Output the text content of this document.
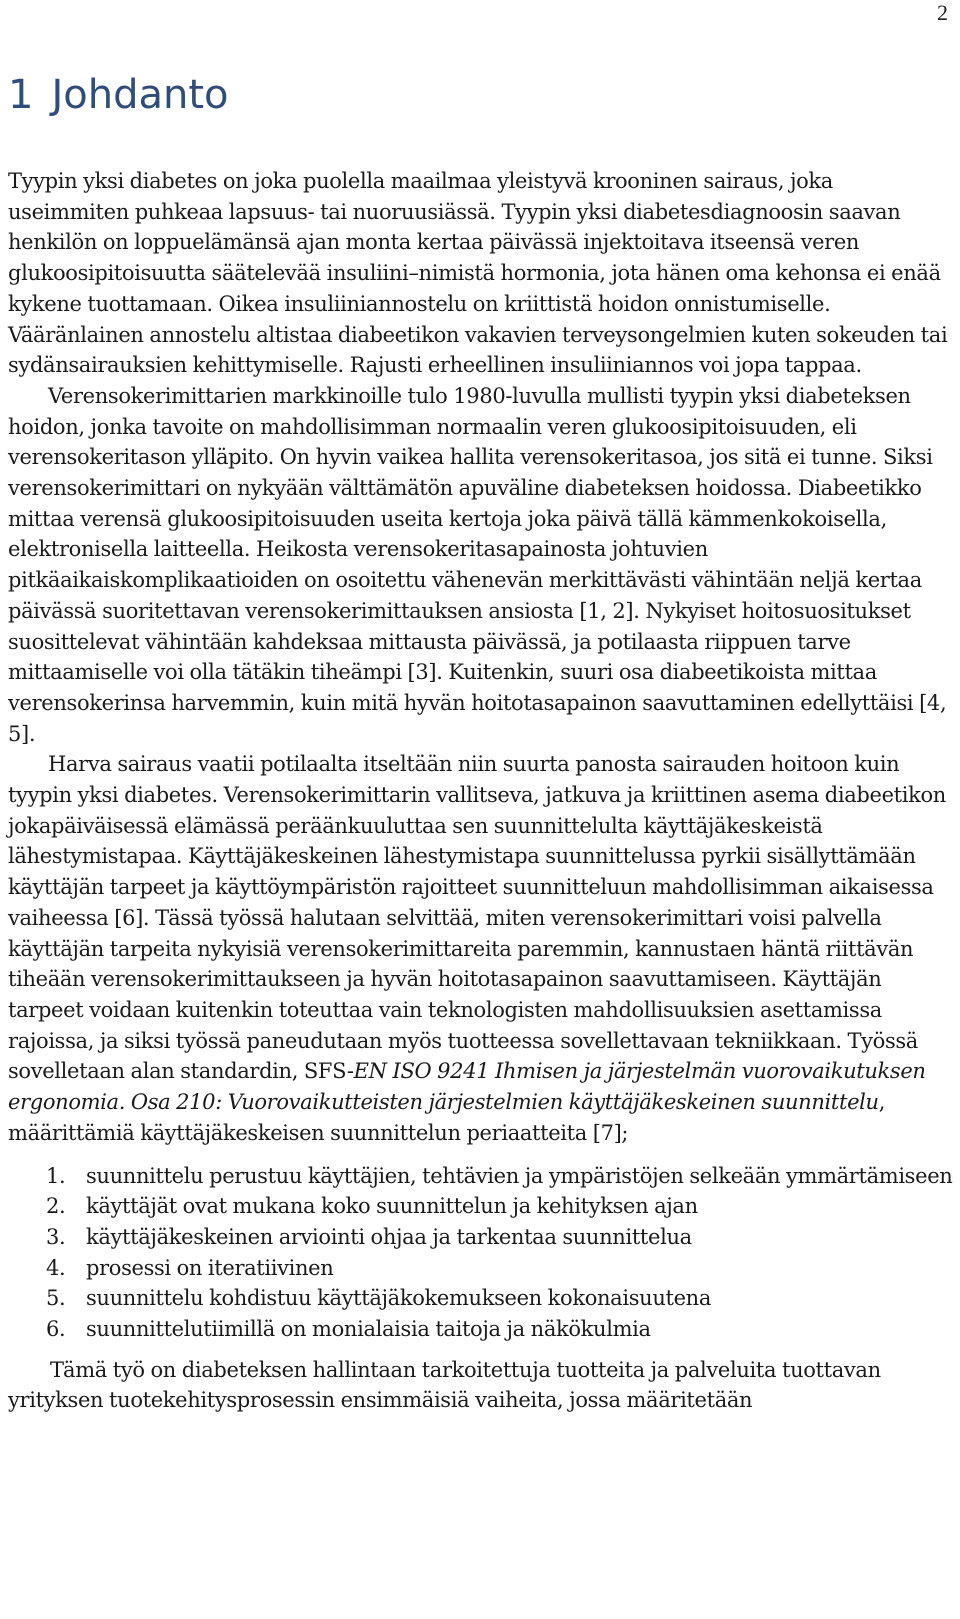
2
1 Johdanto

Tyypin yksi diabetes on joka puolella maailmaa yleistyvä krooninen sairaus, joka useimmiten puhkeaa lapsuus- tai nuoruusiässä. Tyypin yksi diabetesdiagnoosin saavan henkilön on loppuelämänsä ajan monta kertaa päivässä injektoitava itseensä veren glukoosipitoisuutta säätelevää insuliini–nimistä hormonia, jota hänen oma kehonsa ei enää kykene tuottamaan. Oikea insuliiniannostelu on kriittistä hoidon onnistumiselle. Vääränlainen annostelu altistaa diabeetikon vakavien terveysongelmien kuten sokeuden tai sydänsairauksien kehittymiselle. Rajusti erheellinen insuliiniannos voi jopa tappaa.

Verensokerimittarien markkinoille tulo 1980-luvulla mullisti tyypin yksi diabeteksen hoidon, jonka tavoite on mahdollisimman normaalin veren glukoosipitoisuuden, eli verensokeritason ylläpito. On hyvin vaikea hallita verensokeritasoa, jos sitä ei tunne. Siksi verensokerimittari on nykyään välttämätön apuväline diabeteksen hoidossa. Diabeetikko mittaa verensä glukoosipitoisuuden useita kertoja joka päivä tällä kämmenkokoisella, elektronisella laitteella. Heikosta verensokeritasapainosta johtuvien pitkäaikaiskomplikaatioiden on osoitettu vähenevän merkittävästi vähintään neljä kertaa päivässä suoritettavan verensokerimittauksen ansiosta [1, 2]. Nykyiset hoitosuositukset suosittelevat vähintään kahdeksaa mittausta päivässä, ja potilaasta riippuen tarve mittaamiselle voi olla tätäkin tiheämpi [3]. Kuitenkin, suuri osa diabeetikoista mittaa verensokerinsa harvemmin, kuin mitä hyvän hoitotasapainon saavuttaminen edellyttäisi [4, 5].

Harva sairaus vaatii potilaalta itseltään niin suurta panosta sairauden hoitoon kuin tyypin yksi diabetes. Verensokerimittarin vallitseva, jatkuva ja kriittinen asema diabeetikon jokapäiväisessä elämässä peräänkuuluttaa sen suunnittelulta käyttäjäkeskeistä lähestymistapaa. Käyttäjäkeskeinen lähestymistapa suunnittelussa pyrkii sisällyttämään käyttäjän tarpeet ja käyttöympäristön rajoitteet suunnitteluun mahdollisimman aikaisessa vaiheessa [6]. Tässä työssä halutaan selvittää, miten verensokerimittari voisi palvella käyttäjän tarpeita nykyisiä verensokerimittareita paremmin, kannustaen häntä riittävän tiheään verensokerimittaukseen ja hyvän hoitotasapainon saavuttamiseen. Käyttäjän tarpeet voidaan kuitenkin toteuttaa vain teknologisten mahdollisuuksien asettamissa rajoissa, ja siksi työssä paneudutaan myös tuotteessa sovellettavaan tekniikkaan. Työssä sovelletaan alan standardin, SFS-EN ISO 9241 Ihmisen ja järjestelmän vuorovaikutuksen ergonomia. Osa 210: Vuorovaikutteisten järjestelmien käyttäjäkeskeinen suunnittelu, määrittämiä käyttäjäkeskeisen suunnittelun periaatteita [7];

1. suunnittelu perustuu käyttäjien, tehtävien ja ympäristöjen selkeään ymmärtämiseen
2. käyttäjät ovat mukana koko suunnittelun ja kehityksen ajan
3. käyttäjäkeskeinen arviointi ohjaa ja tarkentaa suunnittelua
4. prosessi on iteratiivinen
5. suunnittelu kohdistuu käyttäjäkokemukseen kokonaisuutena
6. suunnittelutiimillä on monialaisia taitoja ja näkökulmia

Tämä työ on diabeteksen hallintaan tarkoitettuja tuotteita ja palveluita tuottavan yrityksen tuotekehitysprosessin ensimmäisiä vaiheita, jossa määritetään
